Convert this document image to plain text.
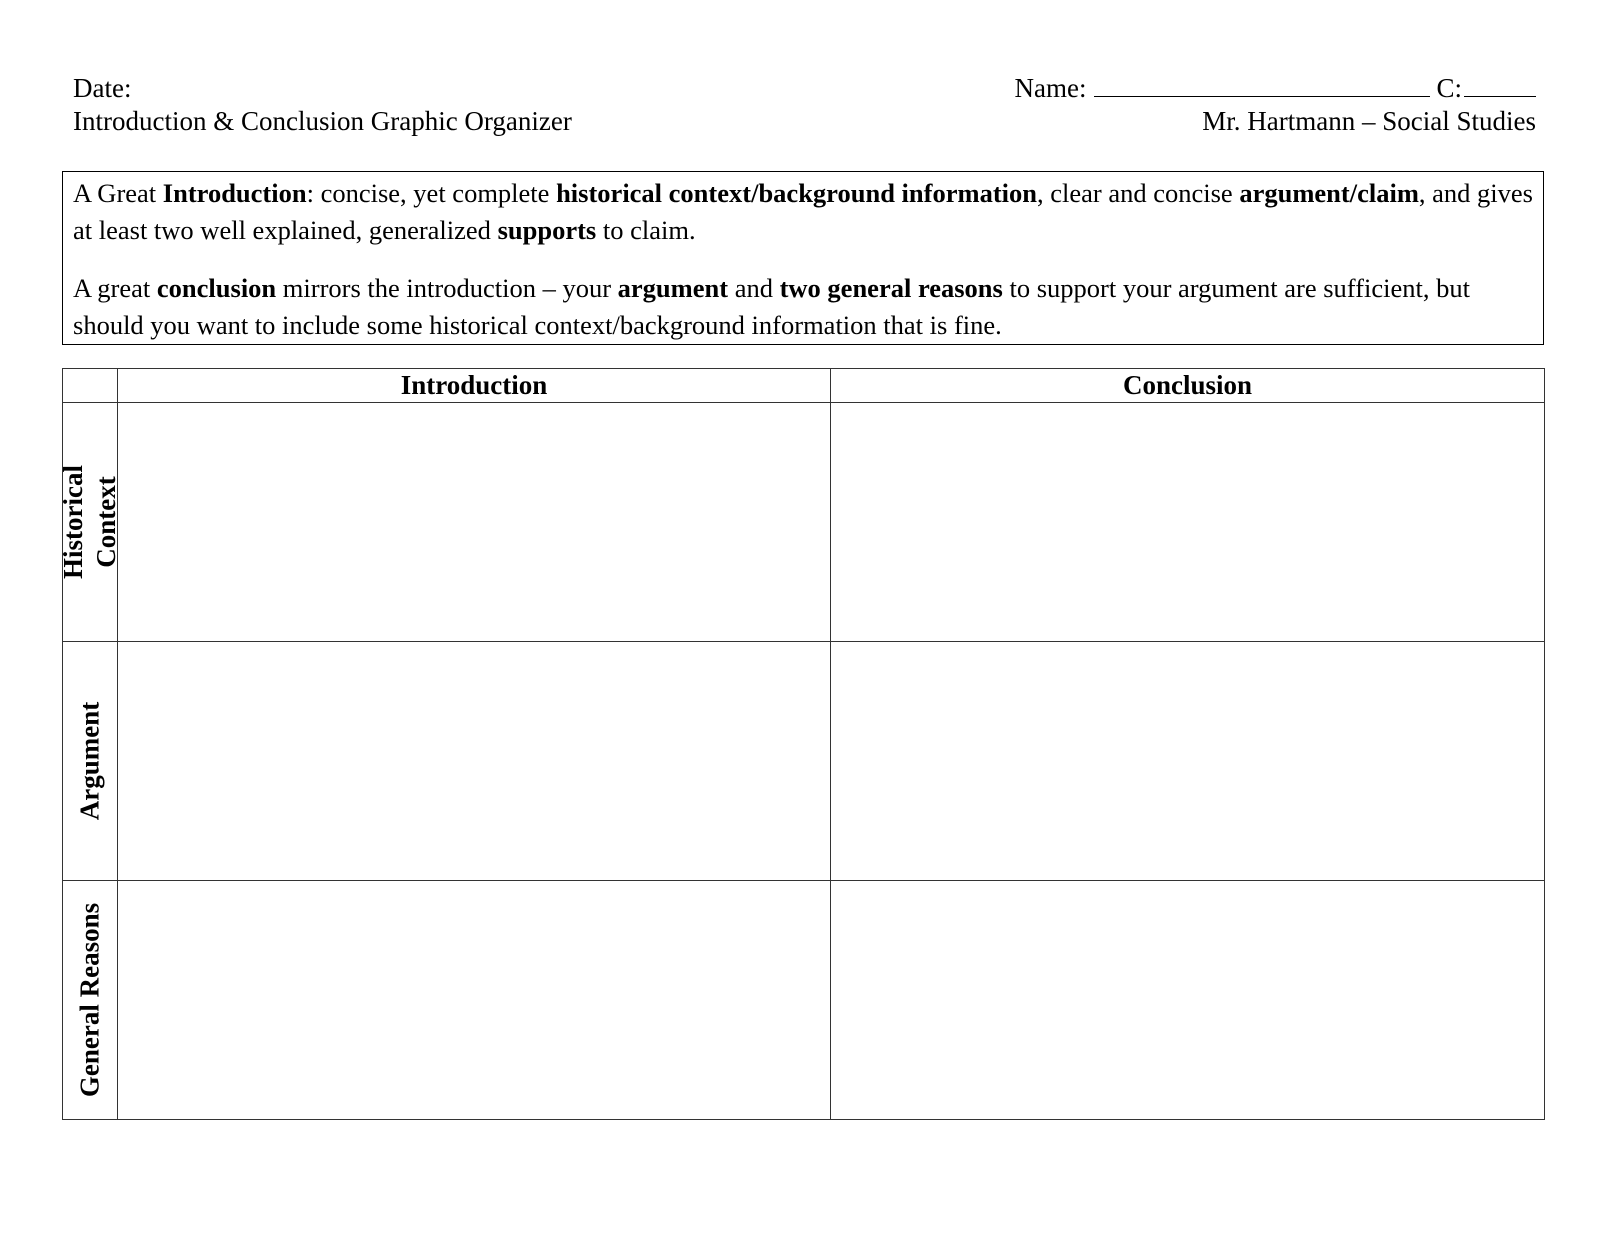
Date:
Introduction & Conclusion Graphic Organizer
Name:	C:
Mr. Hartmann – Social Studies

A Great Introduction: concise, yet complete historical context/background information, clear and concise argument/claim, and gives at least two well explained, generalized supports to claim.

A great conclusion mirrors the introduction – your argument and two general reasons to support your argument are sufficient, but should you want to include some historical context/background information that is fine.

	Introduction	Conclusion

Historical Context		

Argument		

General Reasons		
